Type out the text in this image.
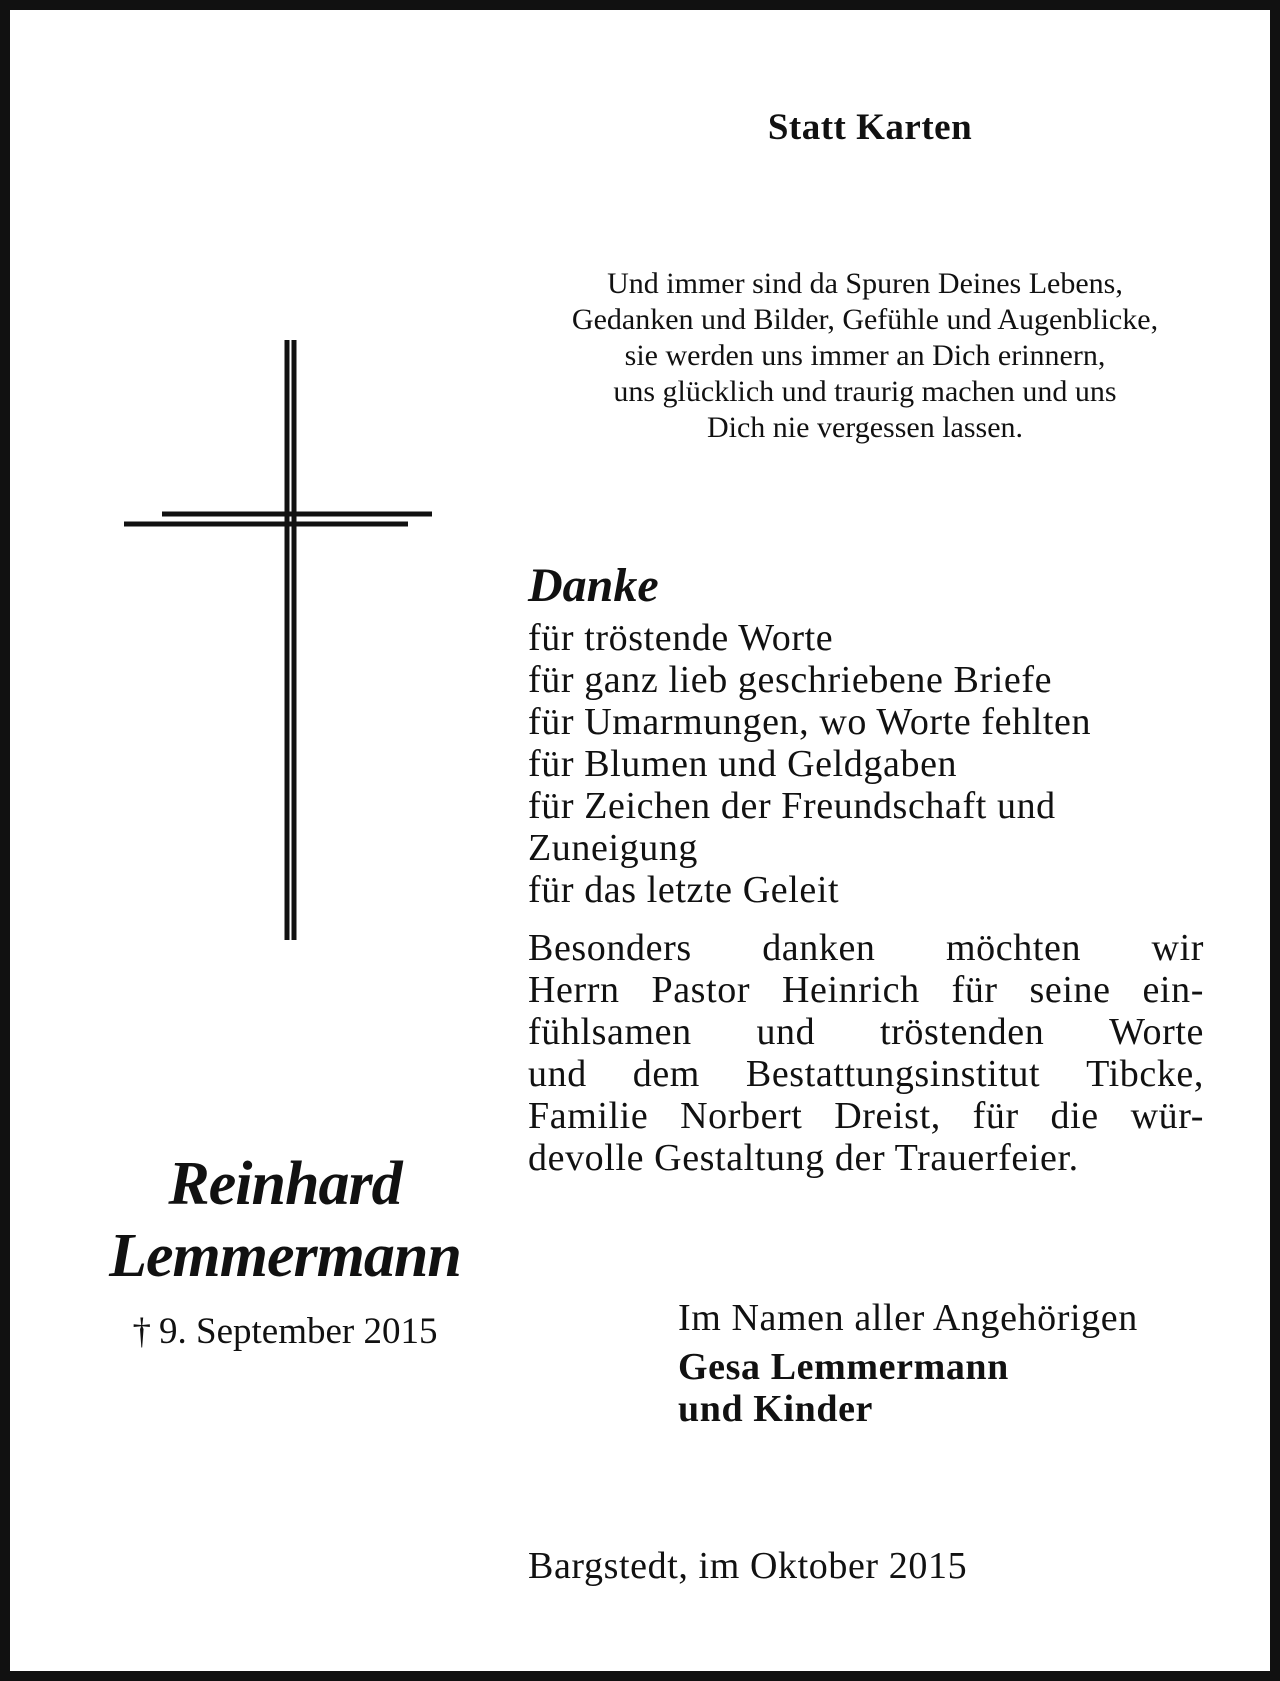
Statt Karten
Und immer sind da Spuren Deines Lebens,
Gedanken und Bilder, Gefühle und Augenblicke,
sie werden uns immer an Dich erinnern,
uns glücklich und traurig machen und uns
Dich nie vergessen lassen.
Danke
für tröstende Worte
für ganz lieb geschriebene Briefe
für Umarmungen, wo Worte fehlten
für Blumen und Geldgaben
für Zeichen der Freundschaft und
Zuneigung
für das letzte Geleit
Besonders danken möchten wir
Herrn Pastor Heinrich für seine ein-
fühlsamen und tröstenden Worte
und dem Bestattungsinstitut Tibcke,
Familie Norbert Dreist, für die wür-
devolle Gestaltung der Trauerfeier.
Reinhard
Lemmermann
† 9. September 2015	Im Namen aller Angehörigen
Gesa Lemmermann
und Kinder
Bargstedt, im Oktober 2015
